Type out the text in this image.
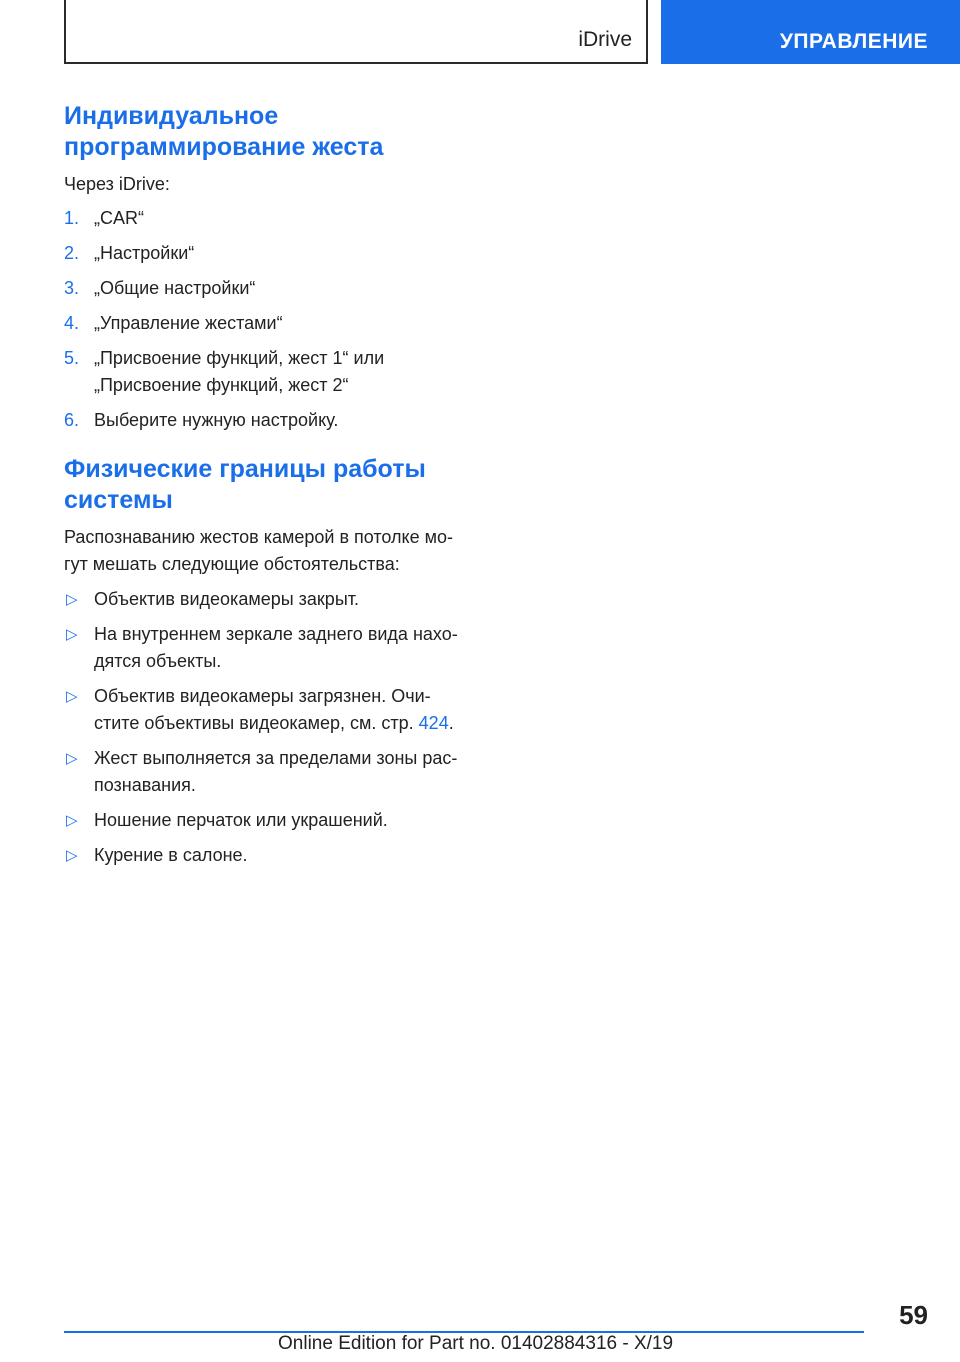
iDrive	УПРАВЛЕНИЕ
Индивидуальное
программирование жеста

Через iDrive:

1. „CAR“
2. „Настройки“
3. „Общие настройки“
4. „Управление жестами“
5. „Присвоение функций, жест 1“ или
„Присвоение функций, жест 2“
6. Выберите нужную настройку.
Физические границы работы
системы

Распознаванию жестов камерой в потолке мо-
гут мешать следующие обстоятельства:

▷ Объектив видеокамеры закрыт.
▷ На внутреннем зеркале заднего вида нахо-
дятся объекты.
▷ Объектив видеокамеры загрязнен. Очи-
стите объективы видеокамер, см. стр. 424.
▷ Жест выполняется за пределами зоны рас-
познавания.
▷ Ношение перчаток или украшений.
▷ Курение в салоне.
59
Online Edition for Part no. 01402884316 - X/19
